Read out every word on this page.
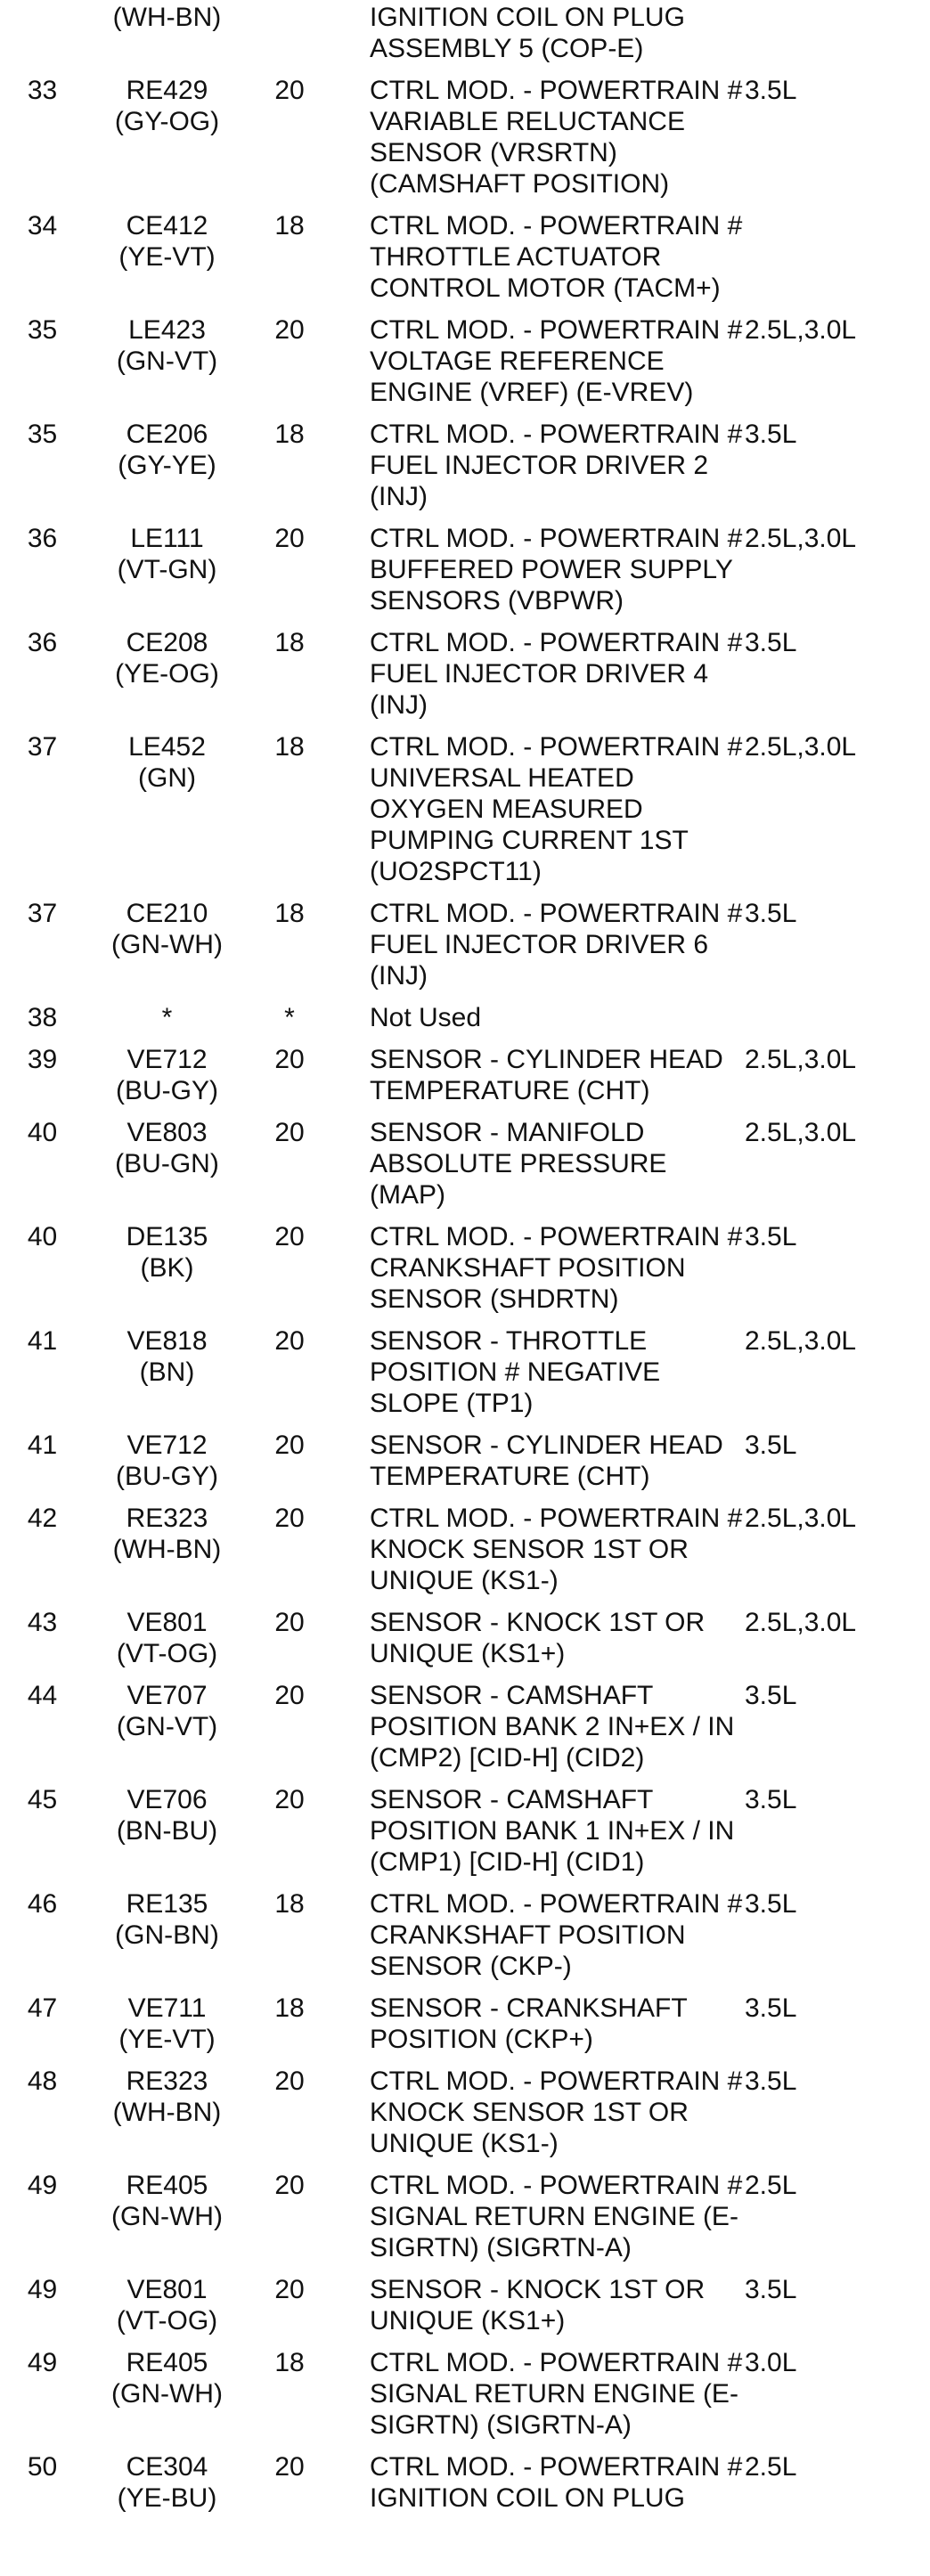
	(WH-BN)		IGNITION COIL ON PLUG
ASSEMBLY 5 (COP-E)	
33	RE429
(GY-OG)	20	CTRL MOD. - POWERTRAIN #
VARIABLE RELUCTANCE
SENSOR (VRSRTN)
(CAMSHAFT POSITION)	3.5L
34	CE412
(YE-VT)	18	CTRL MOD. - POWERTRAIN #
THROTTLE ACTUATOR
CONTROL MOTOR (TACM+)	
35	LE423
(GN-VT)	20	CTRL MOD. - POWERTRAIN #
VOLTAGE REFERENCE
ENGINE (VREF) (E-VREV)	2.5L,3.0L
35	CE206
(GY-YE)	18	CTRL MOD. - POWERTRAIN #
FUEL INJECTOR DRIVER 2
(INJ)	3.5L
36	LE111
(VT-GN)	20	CTRL MOD. - POWERTRAIN #
BUFFERED POWER SUPPLY
SENSORS (VBPWR)	2.5L,3.0L
36	CE208
(YE-OG)	18	CTRL MOD. - POWERTRAIN #
FUEL INJECTOR DRIVER 4
(INJ)	3.5L
37	LE452
(GN)	18	CTRL MOD. - POWERTRAIN #
UNIVERSAL HEATED
OXYGEN MEASURED
PUMPING CURRENT 1ST
(UO2SPCT11)	2.5L,3.0L
37	CE210
(GN-WH)	18	CTRL MOD. - POWERTRAIN #
FUEL INJECTOR DRIVER 6
(INJ)	3.5L
38	*	*	Not Used	
39	VE712
(BU-GY)	20	SENSOR - CYLINDER HEAD
TEMPERATURE (CHT)	2.5L,3.0L
40	VE803
(BU-GN)	20	SENSOR - MANIFOLD
ABSOLUTE PRESSURE (MAP)	2.5L,3.0L
40	DE135
(BK)	20	CTRL MOD. - POWERTRAIN #
CRANKSHAFT POSITION
SENSOR (SHDRTN)	3.5L
41	VE818
(BN)	20	SENSOR - THROTTLE
POSITION # NEGATIVE
SLOPE (TP1)	2.5L,3.0L
41	VE712
(BU-GY)	20	SENSOR - CYLINDER HEAD
TEMPERATURE (CHT)	3.5L
42	RE323
(WH-BN)	20	CTRL MOD. - POWERTRAIN #
KNOCK SENSOR 1ST OR
UNIQUE (KS1-)	2.5L,3.0L
43	VE801
(VT-OG)	20	SENSOR - KNOCK 1ST OR
UNIQUE (KS1+)	2.5L,3.0L
44	VE707
(GN-VT)	20	SENSOR - CAMSHAFT
POSITION BANK 2 IN+EX / IN
(CMP2) [CID-H] (CID2)	3.5L
45	VE706
(BN-BU)	20	SENSOR - CAMSHAFT
POSITION BANK 1 IN+EX / IN
(CMP1) [CID-H] (CID1)	3.5L
46	RE135
(GN-BN)	18	CTRL MOD. - POWERTRAIN #
CRANKSHAFT POSITION
SENSOR (CKP-)	3.5L
47	VE711
(YE-VT)	18	SENSOR - CRANKSHAFT
POSITION (CKP+)	3.5L
48	RE323
(WH-BN)	20	CTRL MOD. - POWERTRAIN #
KNOCK SENSOR 1ST OR
UNIQUE (KS1-)	3.5L
49	RE405
(GN-WH)	20	CTRL MOD. - POWERTRAIN #
SIGNAL RETURN ENGINE (E-
SIGRTN) (SIGRTN-A)	2.5L
49	VE801
(VT-OG)	20	SENSOR - KNOCK 1ST OR
UNIQUE (KS1+)	3.5L
49	RE405
(GN-WH)	18	CTRL MOD. - POWERTRAIN #
SIGNAL RETURN ENGINE (E-
SIGRTN) (SIGRTN-A)	3.0L
50	CE304
(YE-BU)	20	CTRL MOD. - POWERTRAIN #
IGNITION COIL ON PLUG	2.5L
